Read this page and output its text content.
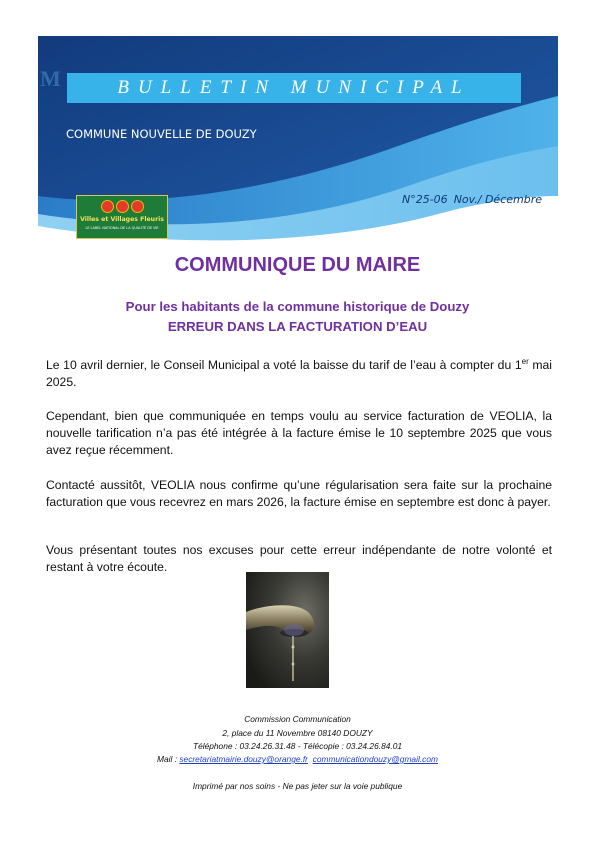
M	BULLETIN MUNICIPAL
COMMUNE NOUVELLE DE DOUZY
N°25-06 Nov./ Décembre
Villes et Villages Fleuris
LE LABEL NATIONAL DE LA QUALITÉ DE VIE
COMMUNIQUE DU MAIRE
Pour les habitants de la commune historique de Douzy
ERREUR DANS LA FACTURATION D’EAU
Le 10 avril dernier, le Conseil Municipal a voté la baisse du tarif de l’eau à compter du 1er mai 2025.
Cependant, bien que communiquée en temps voulu au service facturation de VEOLIA, la nouvelle tarification n’a pas été intégrée à la facture émise le 10 septembre 2025 que vous avez reçue récemment.
Contacté aussitôt, VEOLIA nous confirme qu’une régularisation sera faite sur la prochaine facturation que vous recevrez en mars 2026, la facture émise en septembre est donc à payer.
Vous présentant toutes nos excuses pour cette erreur indépendante de notre volonté et restant à votre écoute.
Commission Communication
2, place du 11 Novembre 08140 DOUZY
Téléphone : 03.24.26.31.48 - Télécopie : 03.24.26.84.01
Mail : secretariatmairie.douzy@orange.fr communicationdouzy@gmail.com
Imprimé par nos soins - Ne pas jeter sur la voie publique
